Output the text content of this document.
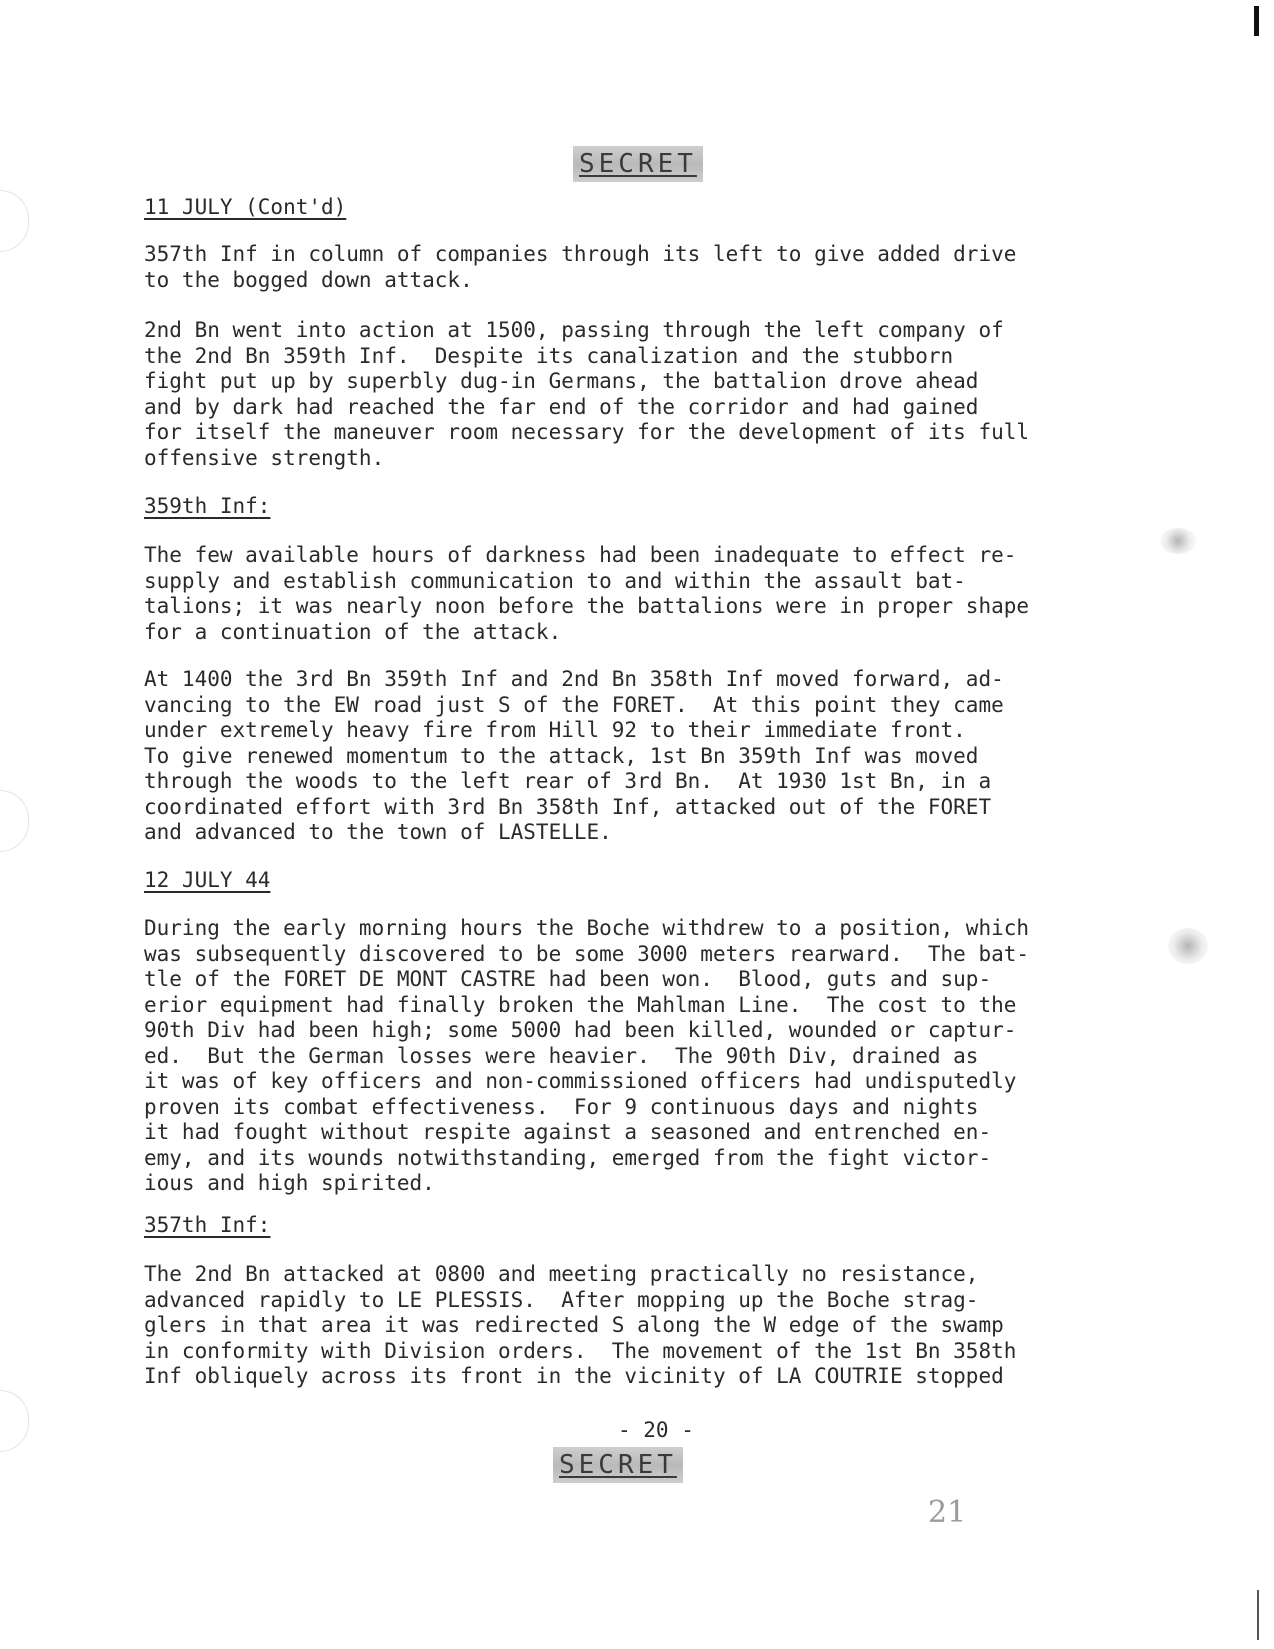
SECRET
11 JULY (Cont'd)
357th Inf in column of companies through its left to give added drive
to the bogged down attack.
2nd Bn went into action at 1500, passing through the left company of
the 2nd Bn 359th Inf.  Despite its canalization and the stubborn
fight put up by superbly dug-in Germans, the battalion drove ahead
and by dark had reached the far end of the corridor and had gained
for itself the maneuver room necessary for the development of its full
offensive strength.
359th Inf:
The few available hours of darkness had been inadequate to effect re-
supply and establish communication to and within the assault bat-
talions; it was nearly noon before the battalions were in proper shape
for a continuation of the attack.
At 1400 the 3rd Bn 359th Inf and 2nd Bn 358th Inf moved forward, ad-
vancing to the EW road just S of the FORET.  At this point they came
under extremely heavy fire from Hill 92 to their immediate front.
To give renewed momentum to the attack, 1st Bn 359th Inf was moved
through the woods to the left rear of 3rd Bn.  At 1930 1st Bn, in a
coordinated effort with 3rd Bn 358th Inf, attacked out of the FORET
and advanced to the town of LASTELLE.
12 JULY 44
During the early morning hours the Boche withdrew to a position, which
was subsequently discovered to be some 3000 meters rearward.  The bat-
tle of the FORET DE MONT CASTRE had been won.  Blood, guts and sup-
erior equipment had finally broken the Mahlman Line.  The cost to the
90th Div had been high; some 5000 had been killed, wounded or captur-
ed.  But the German losses were heavier.  The 90th Div, drained as
it was of key officers and non-commissioned officers had undisputedly
proven its combat effectiveness.  For 9 continuous days and nights
it had fought without respite against a seasoned and entrenched en-
emy, and its wounds notwithstanding, emerged from the fight victor-
ious and high spirited.
357th Inf:
The 2nd Bn attacked at 0800 and meeting practically no resistance,
advanced rapidly to LE PLESSIS.  After mopping up the Boche strag-
glers in that area it was redirected S along the W edge of the swamp
in conformity with Division orders.  The movement of the 1st Bn 358th
Inf obliquely across its front in the vicinity of LA COUTRIE stopped
- 20 -
SECRET
21
